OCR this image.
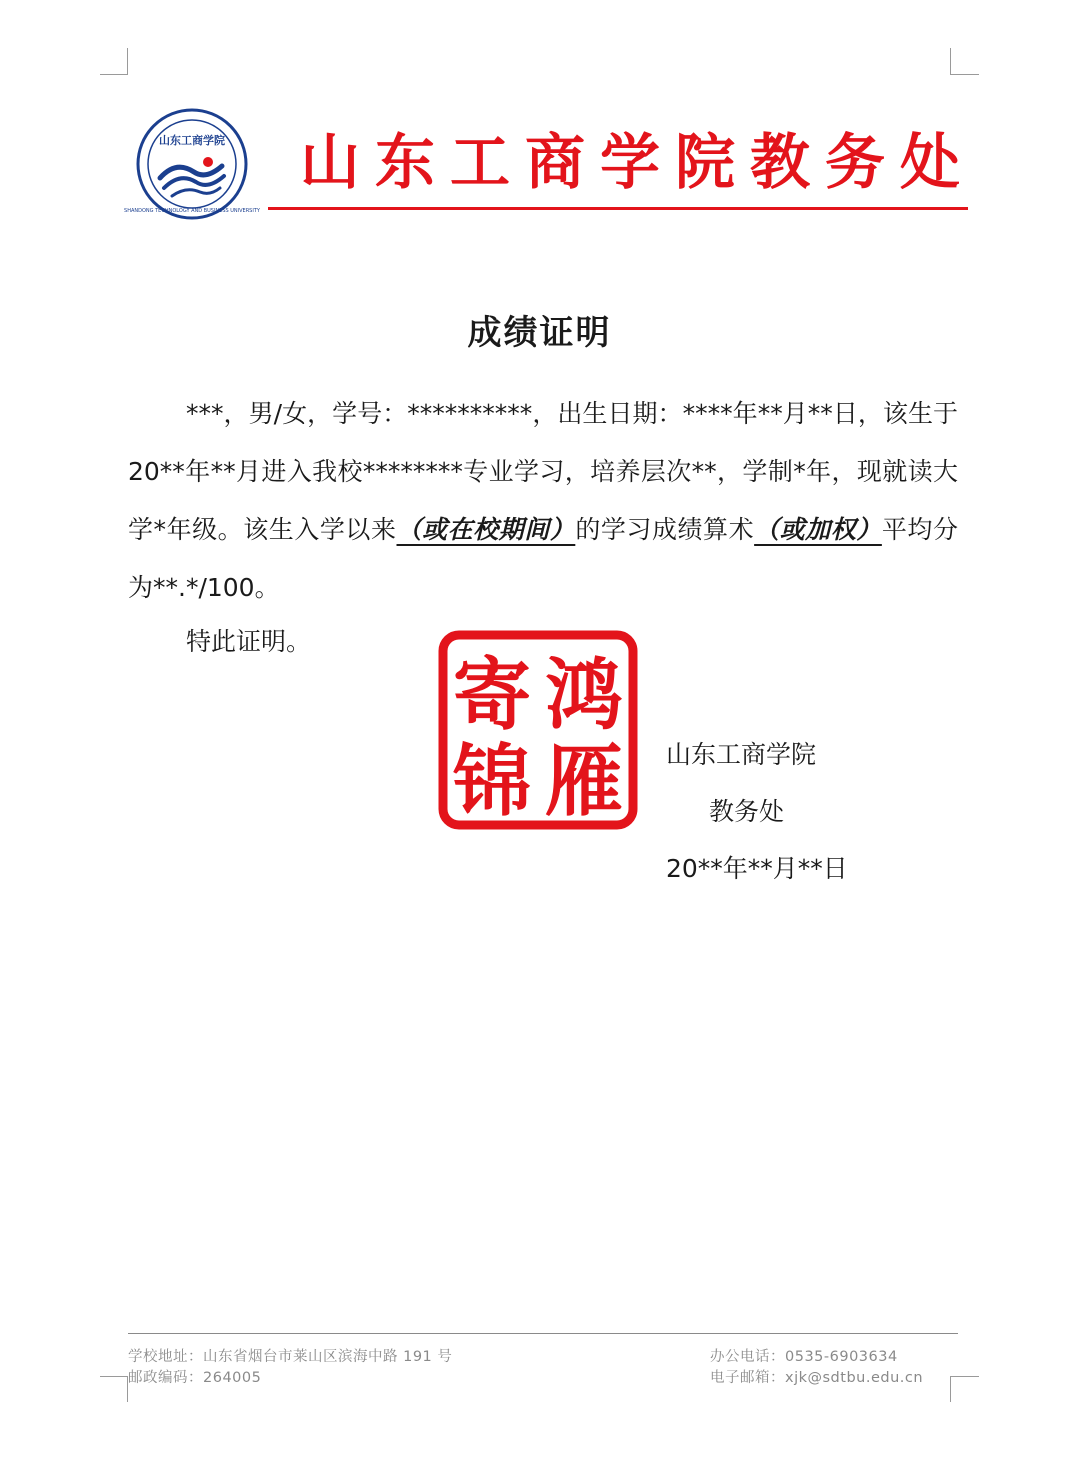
山东工商学院
SHANDONG TECHNOLOGY AND BUSINESS UNIVERSITY
山东工商学院教务处
成绩证明

***，男/女，学号：**********，出生日期：****年**月**日，该生于 20**年**月进入我校********专业学习，培养层次**，学制*年，现就读大学*年级。该生入学以来（或在校期间）的学习成绩算术（或加权）平均分为**.*/100。

特此证明。
寄 鸿
锦 雁 山东工商学院
教务处
20**年**月**日
学校地址：山东省烟台市莱山区滨海中路 191 号
邮政编码：264005
办公电话：0535-6903634
电子邮箱：xjk@sdtbu.edu.cn
